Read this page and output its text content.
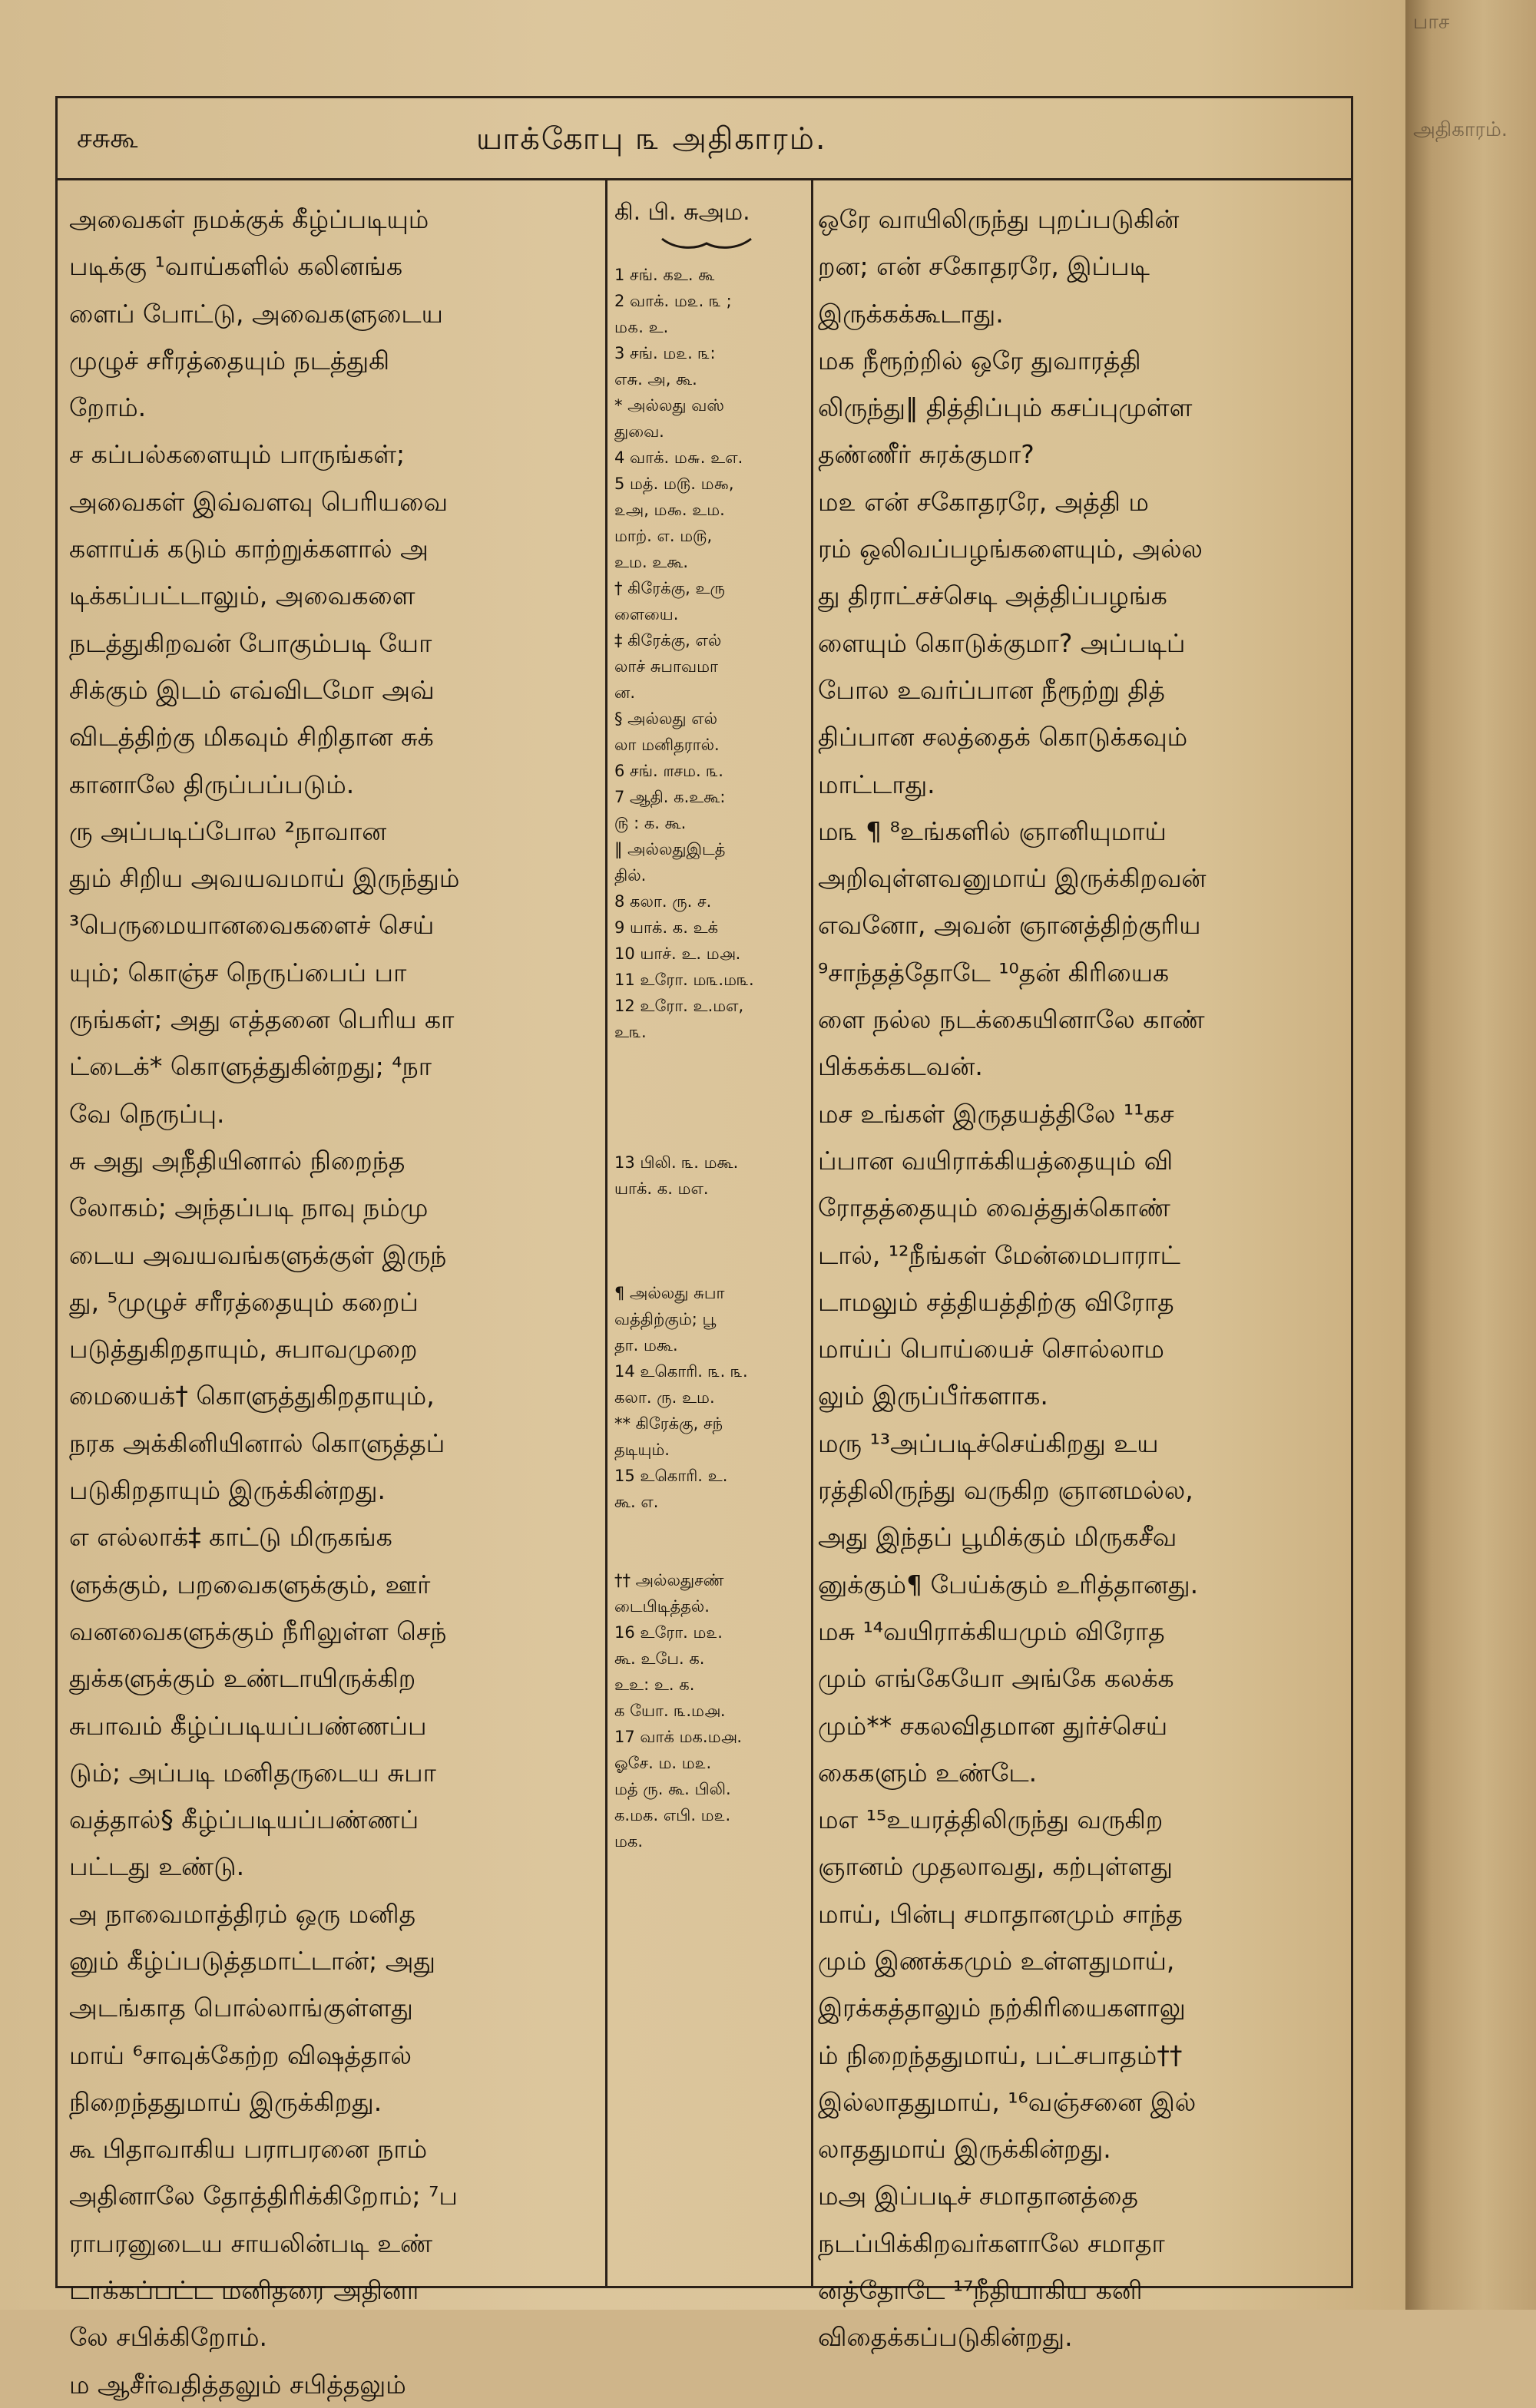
சசுகூ	யாக்கோபு ௩ அதிகாரம்.
அவைகள் நமக்குக் கீழ்ப்படியும்
படிக்கு ¹வாய்களில் கலினங்க
ளைப் போட்டு, அவைகளுடைய
முழுச் சரீரத்தையும் நடத்துகி
றோம்.
ச கப்பல்களையும் பாருங்கள்;
அவைகள் இவ்வளவு பெரியவை
களாய்க் கடும் காற்றுக்களால் அ
டிக்கப்பட்டாலும், அவைகளை
நடத்துகிறவன் போகும்படி யோ
சிக்கும் இடம் எவ்விடமோ அவ்
விடத்திற்கு மிகவும் சிறிதான சுக்
கானாலே திருப்பப்படும்.
ரு அப்படிப்போல ²நாவான
தும் சிறிய அவயவமாய் இருந்தும்
³பெருமையானவைகளைச் செய்
யும்; கொஞ்ச நெருப்பைப் பா
ருங்கள்; அது எத்தனை பெரிய கா
ட்டைக்* கொளுத்துகின்றது; ⁴நா
வே நெருப்பு.
சு அது அநீதியினால் நிறைந்த
லோகம்; அந்தப்படி நாவு நம்மு
டைய அவயவங்களுக்குள் இருந்
து, ⁵முழுச் சரீரத்தையும் கறைப்
படுத்துகிறதாயும், சுபாவமுறை
மையைக்† கொளுத்துகிறதாயும்,
நரக அக்கினியினால் கொளுத்தப்
படுகிறதாயும் இருக்கின்றது.
எ எல்லாக்‡ காட்டு மிருகங்க
ளுக்கும், பறவைகளுக்கும், ஊர்
வனவைகளுக்கும் நீரிலுள்ள செந்
துக்களுக்கும் உண்டாயிருக்கிற
சுபாவம் கீழ்ப்படியப்பண்ணப்ப
டும்; அப்படி மனிதருடைய சுபா
வத்தால்§ கீழ்ப்படியப்பண்ணப்
பட்டது உண்டு.
அ நாவைமாத்திரம் ஒரு மனித
னும் கீழ்ப்படுத்தமாட்டான்; அது
அடங்காத பொல்லாங்குள்ளது
மாய் ⁶சாவுக்கேற்ற விஷத்தால்
நிறைந்ததுமாய் இருக்கிறது.
கூ பிதாவாகிய பராபரனை நாம்
அதினாலே தோத்திரிக்கிறோம்; ⁷ப
ராபரனுடைய சாயலின்படி உண்
டாக்கப்பட்ட மனிதரை அதினா
லே சபிக்கிறோம்.
ம ஆசீர்வதித்தலும் சபித்தலும்
கி. பி. சுஅம.
1 சங். கஉ. கூ
2 வாக். ம௨. ௩ ;
ம௧. உ.
3 சங். ம௨. ௩:
எசு. அ, கூ.
* அல்லது வஸ்
துவை.
4 வாக். ம௬. உஎ.
5 மத். ம௫. ம௯,
௨அ, ம௯. உம.
மாற். எ. ம௫,
உம. உகூ.
† கிரேக்கு, உரு
ளையை.
‡ கிரேக்கு, எல்
லாச் சுபாவமா
ன.
§ அல்லது எல்
லா மனிதரால்.
6 சங். ௱சம. ௩.
7 ஆதி. க.உகூ:
௫ : க. கூ.
‖ அல்லதுஇடத்
தில்.
8 கலா. ரு. ச.
9 யாக். க. உக்
10 யாச். உ. ம௮.
11 உரோ. ம௩.ம௩.
12 உரோ. உ.மஎ,
உ௩.
13 பிலி. ௩. மகூ.
யாக். க. மஎ.
¶ அல்லது சுபா
வத்திற்கும்; பூ
தா. மகூ.
14 உகொரி. ௩. ௩.
கலா. ரு. உம.
** கிரேக்கு, சந்
தடியும்.
15 உகொரி. உ.
கூ. எ.
†† அல்லதுசண்
டைபிடித்தல்.
16 உரோ. ம௨.
கூ. உபே. க.
உஉ: உ. க.
க யோ. ௩.ம௮.
17 வாக் மக.ம௮.
ஓசே. ம. ம௨.
மத் ரு. கூ. பிலி.
க.மக. எபி. ம௨.
மக.
ஒரே வாயிலிருந்து புறப்படுகின்
றன; என் சகோதரரே, இப்படி
இருக்கக்கூடாது.
மக நீரூற்றில் ஒரே துவாரத்தி
லிருந்து‖ தித்திப்பும் கசப்புமுள்ள
தண்ணீர் சுரக்குமா?
ம௨ என் சகோதரரே, அத்தி ம
ரம் ஒலிவப்பழங்களையும், அல்ல
து திராட்சச்செடி அத்திப்பழங்க
ளையும் கொடுக்குமா? அப்படிப்
போல உவர்ப்பான நீரூற்று தித்
திப்பான சலத்தைக் கொடுக்கவும்
மாட்டாது.
ம௩ ¶ ⁸உங்களில் ஞானியுமாய்
அறிவுள்ளவனுமாய் இருக்கிறவன்
எவனோ, அவன் ஞானத்திற்குரிய
⁹சாந்தத்தோடே ¹⁰தன் கிரியைக
ளை நல்ல நடக்கையினாலே காண்
பிக்கக்கடவன்.
மச உங்கள் இருதயத்திலே ¹¹கச
ப்பான வயிராக்கியத்தையும் வி
ரோதத்தையும் வைத்துக்கொண்
டால், ¹²நீங்கள் மேன்மைபாராட்
டாமலும் சத்தியத்திற்கு விரோத
மாய்ப் பொய்யைச் சொல்லாம
லும் இருப்பீர்களாக.
மரு ¹³அப்படிச்செய்கிறது உய
ரத்திலிருந்து வருகிற ஞானமல்ல,
அது இந்தப் பூமிக்கும் மிருகசீவ
னுக்கும்¶ பேய்க்கும் உரித்தானது.
மசு ¹⁴வயிராக்கியமும் விரோத
மும் எங்கேயோ அங்கே கலக்க
மும்** சகலவிதமான துர்ச்செய்
கைகளும் உண்டே.
மஎ ¹⁵உயரத்திலிருந்து வருகிற
ஞானம் முதலாவது, கற்புள்ளது
மாய், பின்பு சமாதானமும் சாந்த
மும் இணக்கமும் உள்ளதுமாய்,
இரக்கத்தாலும் நற்கிரியைகளாலு
ம் நிறைந்ததுமாய், பட்சபாதம்††
இல்லாததுமாய், ¹⁶வஞ்சனை இல்
லாததுமாய் இருக்கின்றது.
மஅ இப்படிச் சமாதானத்தை
நடப்பிக்கிறவர்களாலே சமாதா
னத்தோடே ¹⁷நீதியாகிய கனி
விதைக்கப்படுகின்றது.
பாச
அதிகாரம்.
